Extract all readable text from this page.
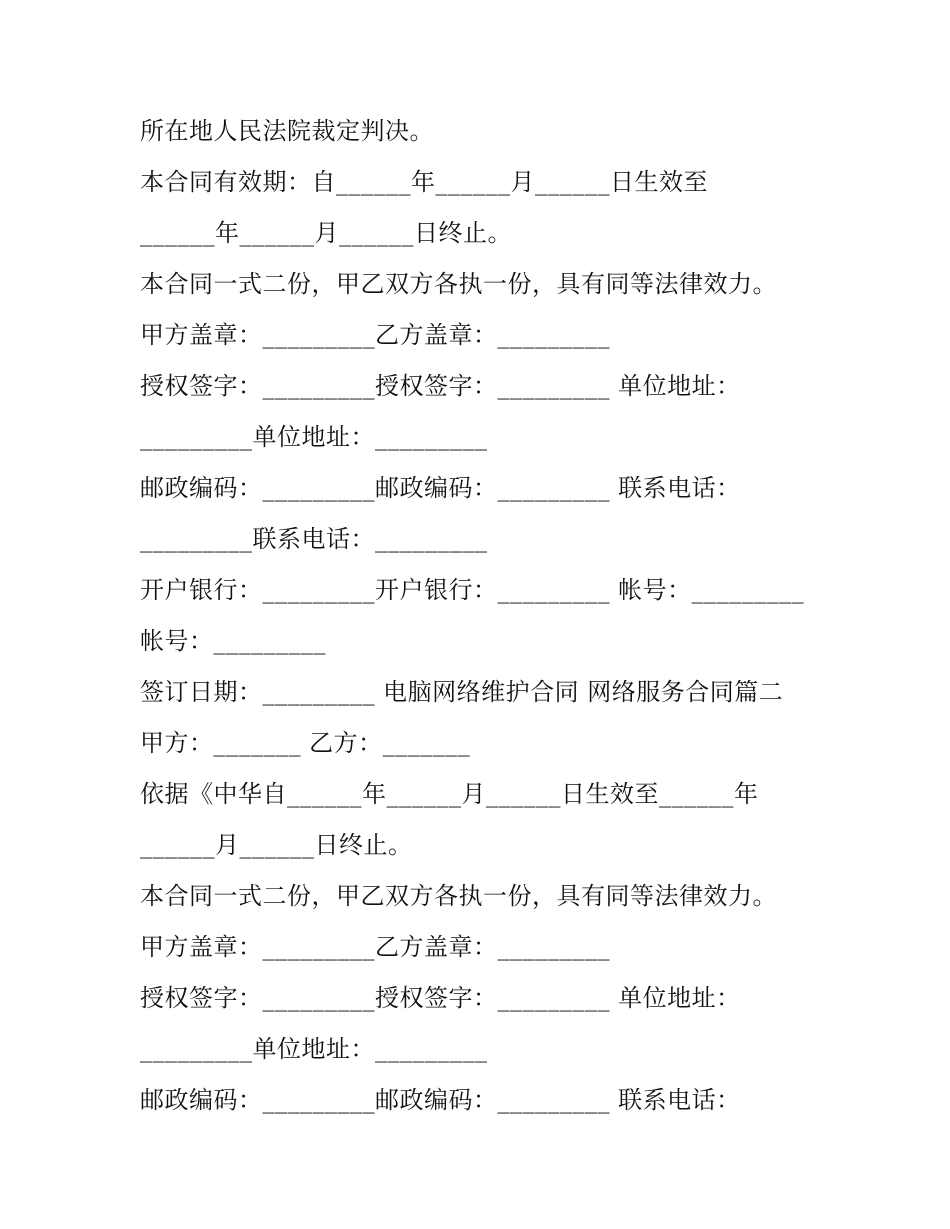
所在地人民法院裁定判决。
本合同有效期：自______年______月______日生效至
______年______月______日终止。
本合同一式二份，甲乙双方各执一份，具有同等法律效力。
甲方盖章：_________乙方盖章：_________
授权签字：_________授权签字：_________ 单位地址：
_________单位地址：_________
邮政编码：_________邮政编码：_________ 联系电话：
_________联系电话：_________
开户银行：_________开户银行：_________ 帐号：_________
帐号：_________
签订日期：_________ 电脑网络维护合同 网络服务合同篇二
甲方：_______ 乙方：_______
依据《中华自______年______月______日生效至______年
______月______日终止。
本合同一式二份，甲乙双方各执一份，具有同等法律效力。
甲方盖章：_________乙方盖章：_________
授权签字：_________授权签字：_________ 单位地址：
_________单位地址：_________
邮政编码：_________邮政编码：_________ 联系电话：
